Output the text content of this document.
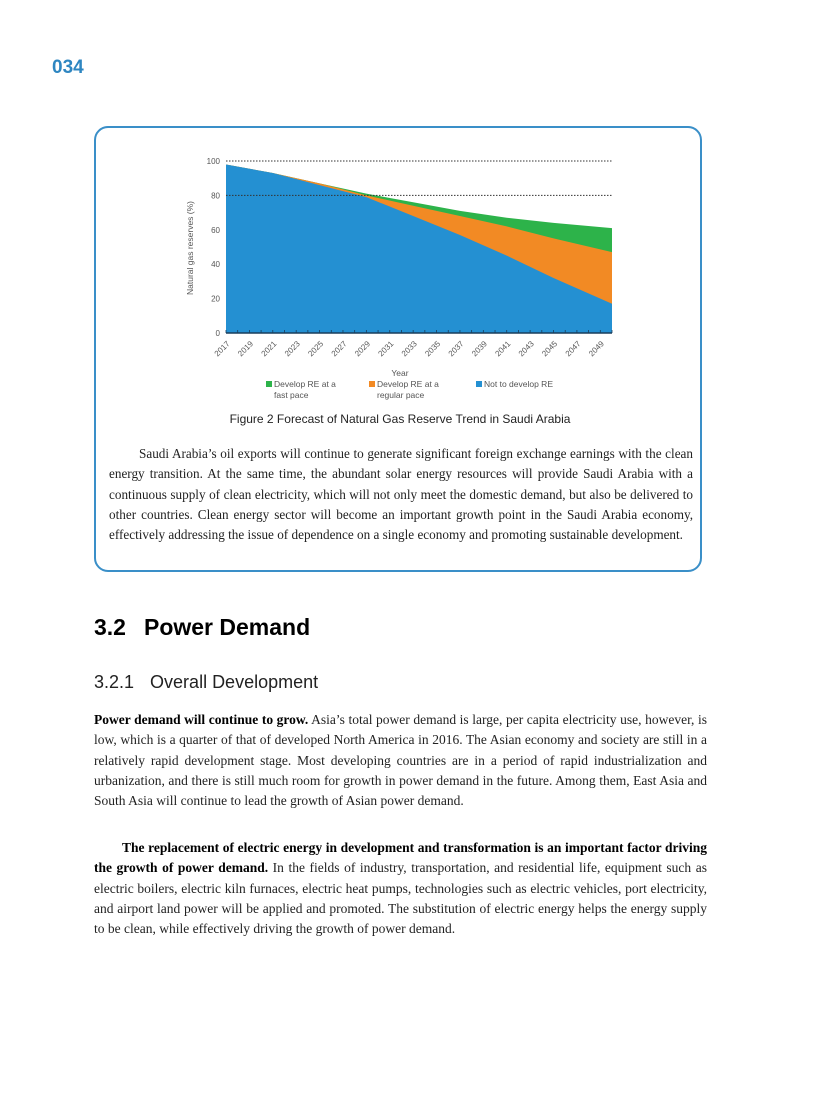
034
0
20
40
60
80
100
2017 2019 2021 2023 2025 2027 2029 2031 2033 2035 2037 2039 2041 2043 2045 2047 2049
Natural gas reserves (%)
Year
Develop RE at a
fast pace
Develop RE at a
regular pace
Not to develop RE
Figure 2 Forecast of Natural Gas Reserve Trend in Saudi Arabia
Saudi Arabia’s oil exports will continue to generate significant foreign exchange earnings with the clean energy transition. At the same time, the abundant solar energy resources will provide Saudi Arabia with a continuous supply of clean electricity, which will not only meet the domestic demand, but also be delivered to other countries. Clean energy sector will become an important growth point in the Saudi Arabia economy, effectively addressing the issue of dependence on a single economy and promoting sustainable development.
3.2 Power Demand
3.2.1 Overall Development
Power demand will continue to grow. Asia’s total power demand is large, per capita electricity use, however, is low, which is a quarter of that of developed North America in 2016. The Asian economy and society are still in a relatively rapid development stage. Most developing countries are in a period of rapid industrialization and urbanization, and there is still much room for growth in power demand in the future. Among them, East Asia and South Asia will continue to lead the growth of Asian power demand.
The replacement of electric energy in development and transformation is an important factor driving the growth of power demand. In the fields of industry, transportation, and residential life, equipment such as electric boilers, electric kiln furnaces, electric heat pumps, technologies such as electric vehicles, port electricity, and airport land power will be applied and promoted. The substitution of electric energy helps the energy supply to be clean, while effectively driving the growth of power demand.
